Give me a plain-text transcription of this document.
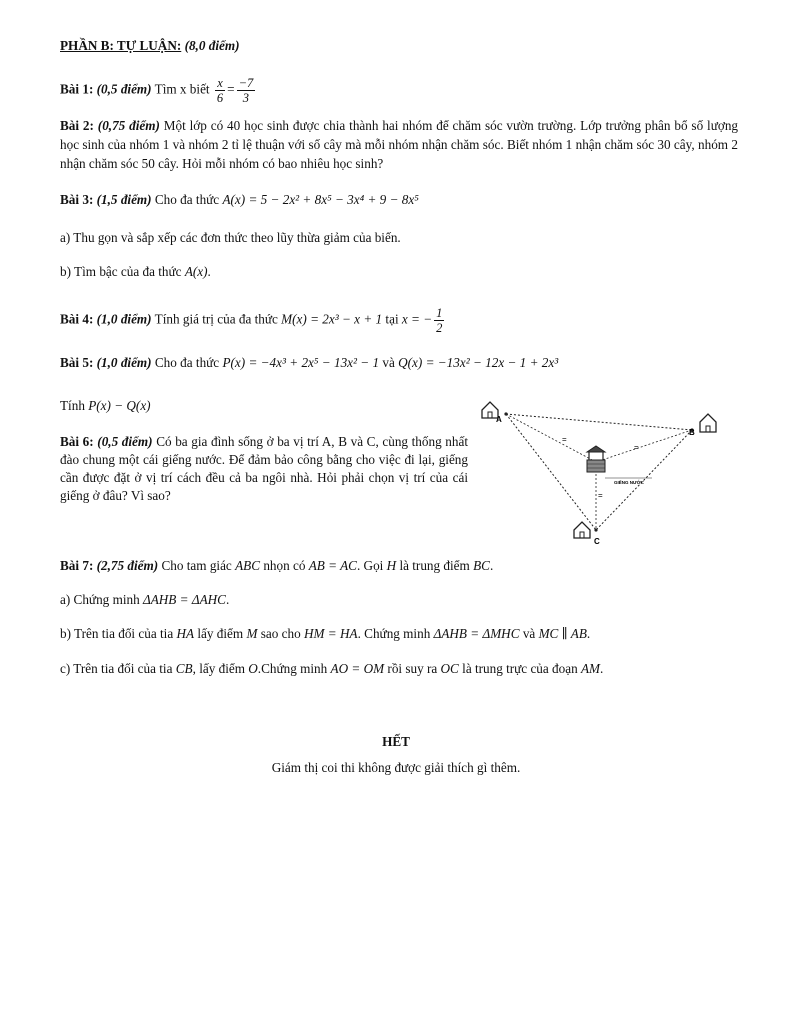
PHẦN B: TỰ LUẬN: (8,0 điểm)
Bài 1: (0,5 điểm) Tìm x biết $\frac{x}{6} = \frac{-7}{3}$
Bài 2: (0,75 điểm) Một lớp có 40 học sinh được chia thành hai nhóm để chăm sóc vườn trường. Lớp trưởng phân bổ số lượng học sinh của nhóm 1 và nhóm 2 tỉ lệ thuận với số cây mà mỗi nhóm nhận chăm sóc. Biết nhóm 1 nhận chăm sóc 30 cây, nhóm 2 nhận chăm sóc 50 cây. Hỏi mỗi nhóm có bao nhiêu học sinh?
Bài 3: (1,5 điểm) Cho đa thức A(x) = 5 − 2x² + 8x⁵ − 3x⁴ + 9 − 8x⁵
a) Thu gọn và sắp xếp các đơn thức theo lũy thừa giảm của biến.
b) Tìm bậc của đa thức A(x).
Bài 4: (1,0 điểm) Tính giá trị của đa thức M(x) = 2x³ − x + 1 tại x = − $\frac{1}{2}$
Bài 5: (1,0 điểm) Cho đa thức P(x) = −4x³ + 2x⁵ − 13x² − 1 và Q(x) = −13x² − 12x − 1 + 2x³
Tính P(x) − Q(x)
Bài 6: (0,5 điểm) Có ba gia đình sống ở ba vị trí A, B và C, cùng thống nhất đào chung một cái giếng nước. Để đảm bảo công bằng cho việc đi lại, giếng cần được đặt ở vị trí cách đều cả ba ngôi nhà. Hỏi phải chọn vị trí của cái giếng ở đâu? Vì sao?
=
=
=
A
B
C
GIẾNG NƯỚC
Bài 7: (2,75 điểm) Cho tam giác ABC nhọn có AB = AC. Gọi H là trung điểm BC.
a) Chứng minh ΔAHB = ΔAHC.
b) Trên tia đối của tia HA lấy điểm M sao cho HM = HA. Chứng minh ΔAHB = ΔMHC và MC ∥ AB.
c) Trên tia đối của tia CB, lấy điểm O.Chứng minh AO = OM rồi suy ra OC là trung trực của đoạn AM.
HẾT
Giám thị coi thi không được giải thích gì thêm.
